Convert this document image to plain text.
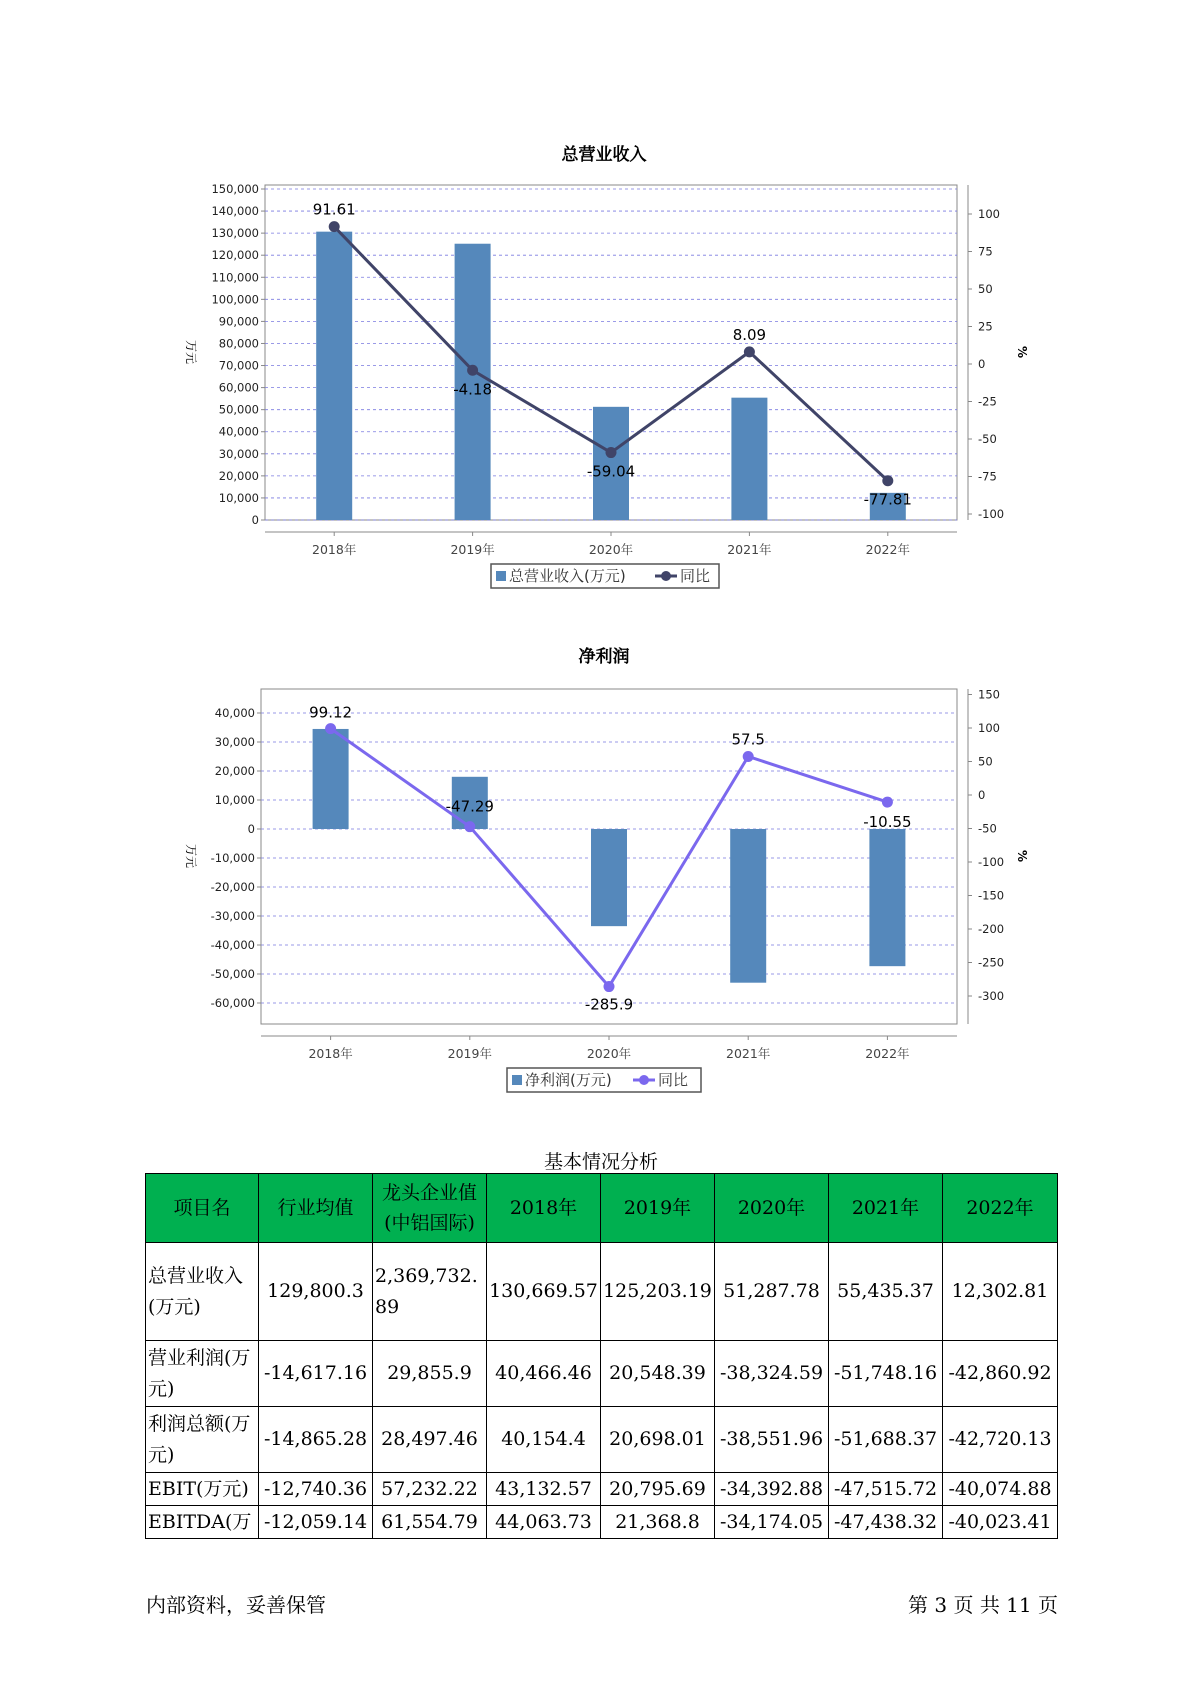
总营业收入
150,000
140,000
130,000
120,000
110,000
100,000
90,000
80,000
70,000
60,000
50,000
40,000
30,000
20,000
10,000
0
100
75
50
25
0
-25
-50
-75
-100
万元	%
2018年	2019年	2020年	2021年	2022年
91.61
-4.18
-59.04
8.09
-77.81
总营业收入(万元)	同比
净利润
40,000
30,000
20,000
10,000
0
-10,000
-20,000
-30,000
-40,000
-50,000
-60,000
150
100
50
0
-50
-100
-150
-200
-250
-300
万元	%
2018年	2019年	2020年	2021年	2022年
99.12
-47.29
-285.9
57.5
-10.55
净利润(万元)	同比
基本情况分析
项目名	行业均值	龙头企业值(中铝国际)	2018年	2019年	2020年	2021年	2022年
总营业收入(万元)	129,800.3	2,369,732.89	130,669.57	125,203.19	51,287.78	55,435.37	12,302.81
营业利润(万元)	-14,617.16	29,855.9	40,466.46	20,548.39	-38,324.59	-51,748.16	-42,860.92
利润总额(万元)	-14,865.28	28,497.46	40,154.4	20,698.01	-38,551.96	-51,688.37	-42,720.13
EBIT(万元)	-12,740.36	57,232.22	43,132.57	20,795.69	-34,392.88	-47,515.72	-40,074.88
EBITDA(万	-12,059.14	61,554.79	44,063.73	21,368.8	-34,174.05	-47,438.32	-40,023.41
内部资料，妥善保管	第 3 页 共 11 页
